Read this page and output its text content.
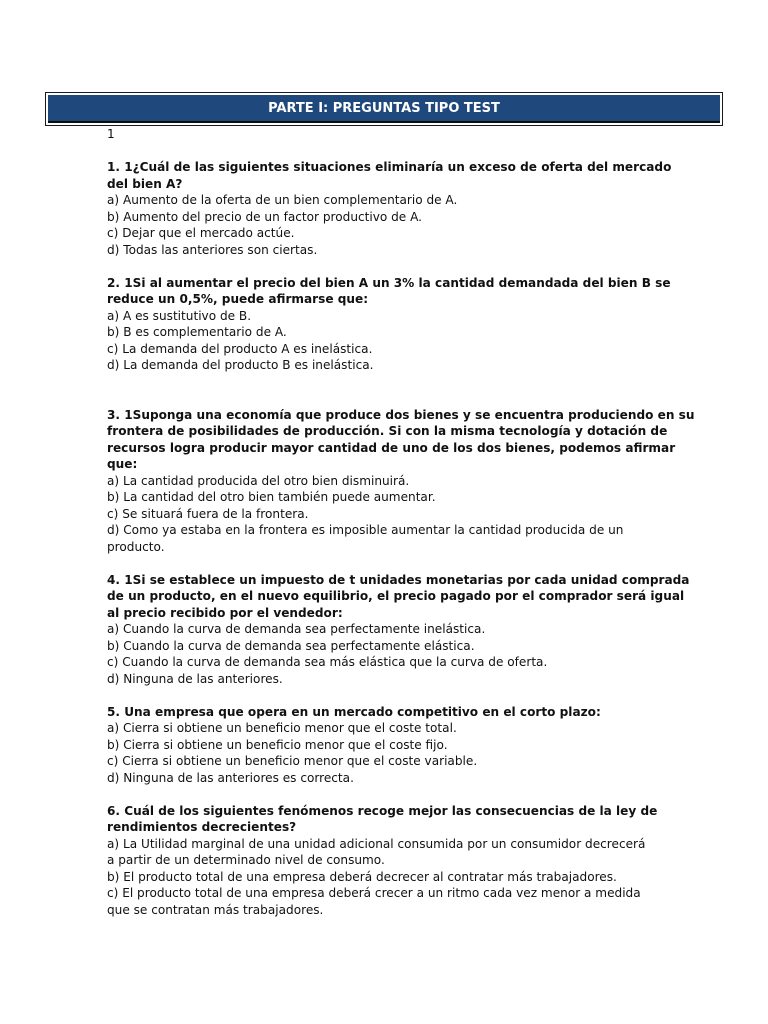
PARTE I: PREGUNTAS TIPO TEST
1
1. 1¿Cuál de las siguientes situaciones eliminaría un exceso de oferta del mercado
del bien A?
a) Aumento de la oferta de un bien complementario de A.
b) Aumento del precio de un factor productivo de A.
c) Dejar que el mercado actúe.
d) Todas las anteriores son ciertas.
2. 1Si al aumentar el precio del bien A un 3% la cantidad demandada del bien B se
reduce un 0,5%, puede afirmarse que:
a) A es sustitutivo de B.
b) B es complementario de A.
c) La demanda del producto A es inelástica.
d) La demanda del producto B es inelástica.
3. 1Suponga una economía que produce dos bienes y se encuentra produciendo en su
frontera de posibilidades de producción. Si con la misma tecnología y dotación de
recursos logra producir mayor cantidad de uno de los dos bienes, podemos afirmar
que:
a) La cantidad producida del otro bien disminuirá.
b) La cantidad del otro bien también puede aumentar.
c) Se situará fuera de la frontera.
d) Como ya estaba en la frontera es imposible aumentar la cantidad producida de un
producto.
4. 1Si se establece un impuesto de t unidades monetarias por cada unidad comprada
de un producto, en el nuevo equilibrio, el precio pagado por el comprador será igual
al precio recibido por el vendedor:
a) Cuando la curva de demanda sea perfectamente inelástica.
b) Cuando la curva de demanda sea perfectamente elástica.
c) Cuando la curva de demanda sea más elástica que la curva de oferta.
d) Ninguna de las anteriores.
5. Una empresa que opera en un mercado competitivo en el corto plazo:
a) Cierra si obtiene un beneficio menor que el coste total.
b) Cierra si obtiene un beneficio menor que el coste fijo.
c) Cierra si obtiene un beneficio menor que el coste variable.
d) Ninguna de las anteriores es correcta.
6. Cuál de los siguientes fenómenos recoge mejor las consecuencias de la ley de
rendimientos decrecientes?
a) La Utilidad marginal de una unidad adicional consumida por un consumidor decrecerá
a partir de un determinado nivel de consumo.
b) El producto total de una empresa deberá decrecer al contratar más trabajadores.
c) El producto total de una empresa deberá crecer a un ritmo cada vez menor a medida
que se contratan más trabajadores.
